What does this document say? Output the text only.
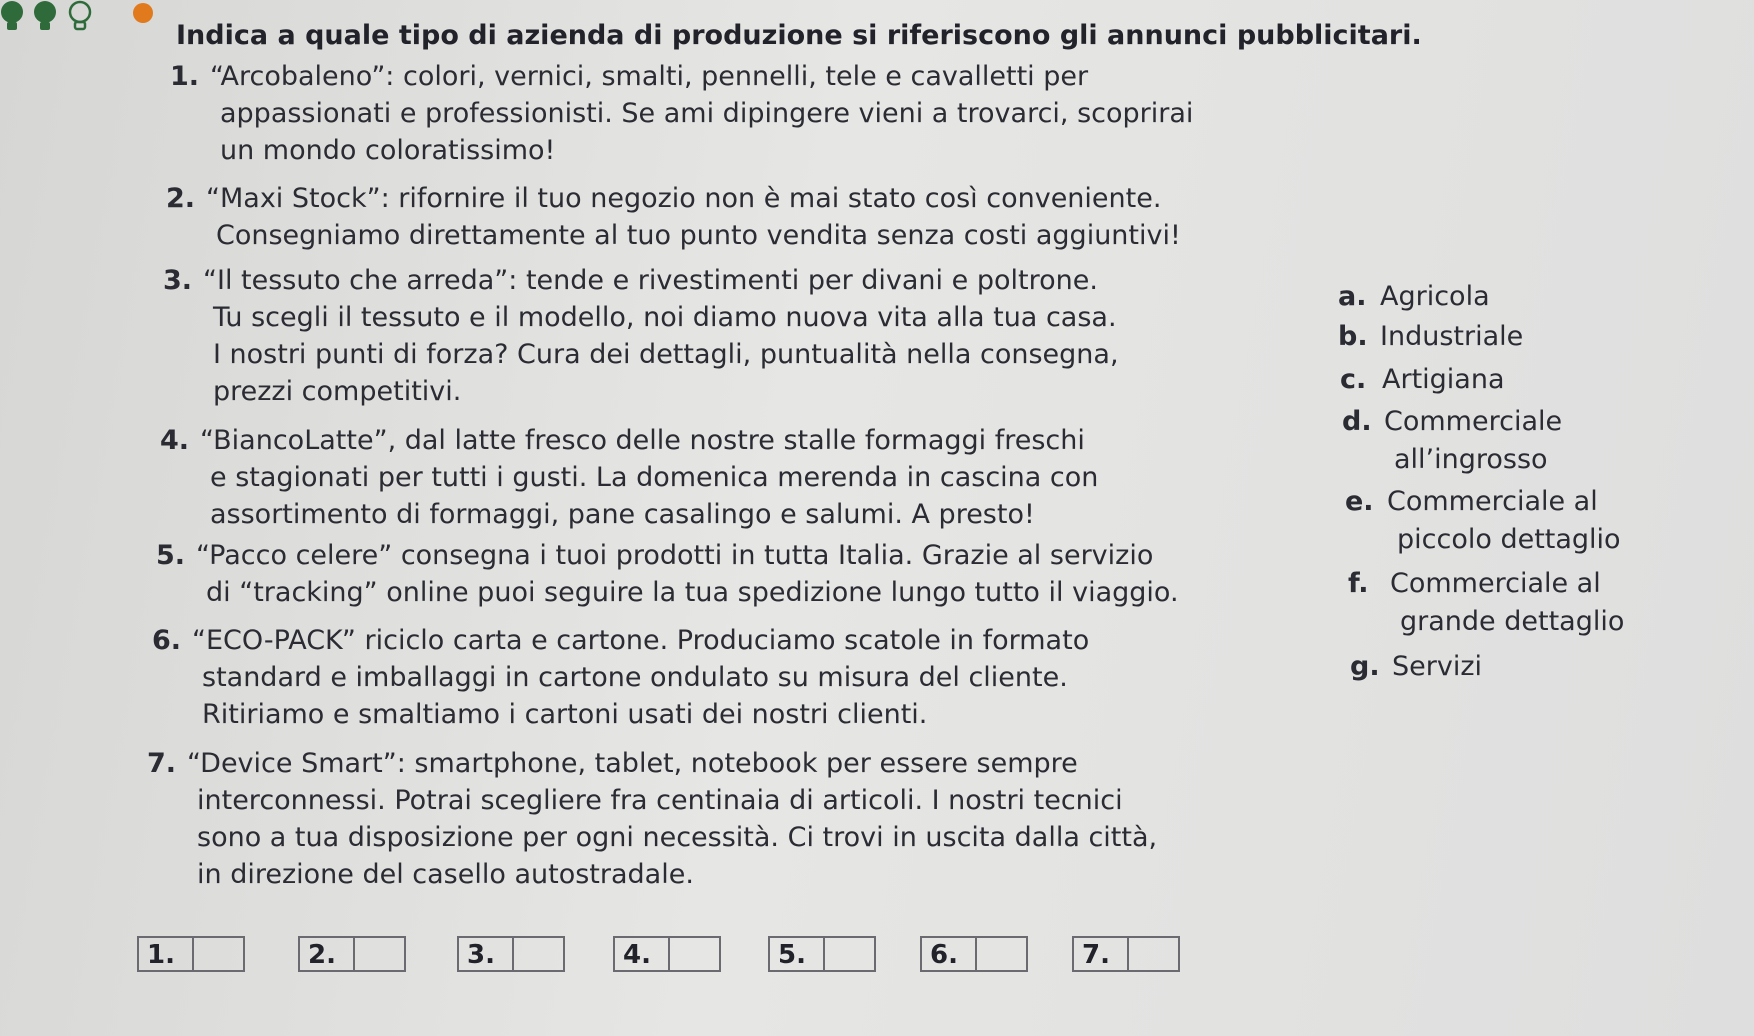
Indica a quale tipo di azienda di produzione si riferiscono gli annunci pubblicitari.
1. “Arcobaleno”: colori, vernici, smalti, pennelli, tele e cavalletti per
appassionati e professionisti. Se ami dipingere vieni a trovarci, scoprirai
un mondo coloratissimo!
2. “Maxi Stock”: rifornire il tuo negozio non è mai stato così conveniente.
Consegniamo direttamente al tuo punto vendita senza costi aggiuntivi!
3. “Il tessuto che arreda”: tende e rivestimenti per divani e poltrone.
Tu scegli il tessuto e il modello, noi diamo nuova vita alla tua casa.
I nostri punti di forza? Cura dei dettagli, puntualità nella consegna,
prezzi competitivi.
4. “BiancoLatte”, dal latte fresco delle nostre stalle formaggi freschi
e stagionati per tutti i gusti. La domenica merenda in cascina con
assortimento di formaggi, pane casalingo e salumi. A presto!
5. “Pacco celere” consegna i tuoi prodotti in tutta Italia. Grazie al servizio
di “tracking” online puoi seguire la tua spedizione lungo tutto il viaggio.
6. “ECO-PACK” riciclo carta e cartone. Produciamo scatole in formato
standard e imballaggi in cartone ondulato su misura del cliente.
Ritiriamo e smaltiamo i cartoni usati dei nostri clienti.
7. “Device Smart”: smartphone, tablet, notebook per essere sempre
interconnessi. Potrai scegliere fra centinaia di articoli. I nostri tecnici
sono a tua disposizione per ogni necessità. Ci trovi in uscita dalla città,
in direzione del casello autostradale.
a. Agricola
b. Industriale
c. Artigiana
d. Commerciale
all’ingrosso
e. Commerciale al
piccolo dettaglio
f. Commerciale al
grande dettaglio
g. Servizi
1.	2.	3.	4.	5.	6.	7.
